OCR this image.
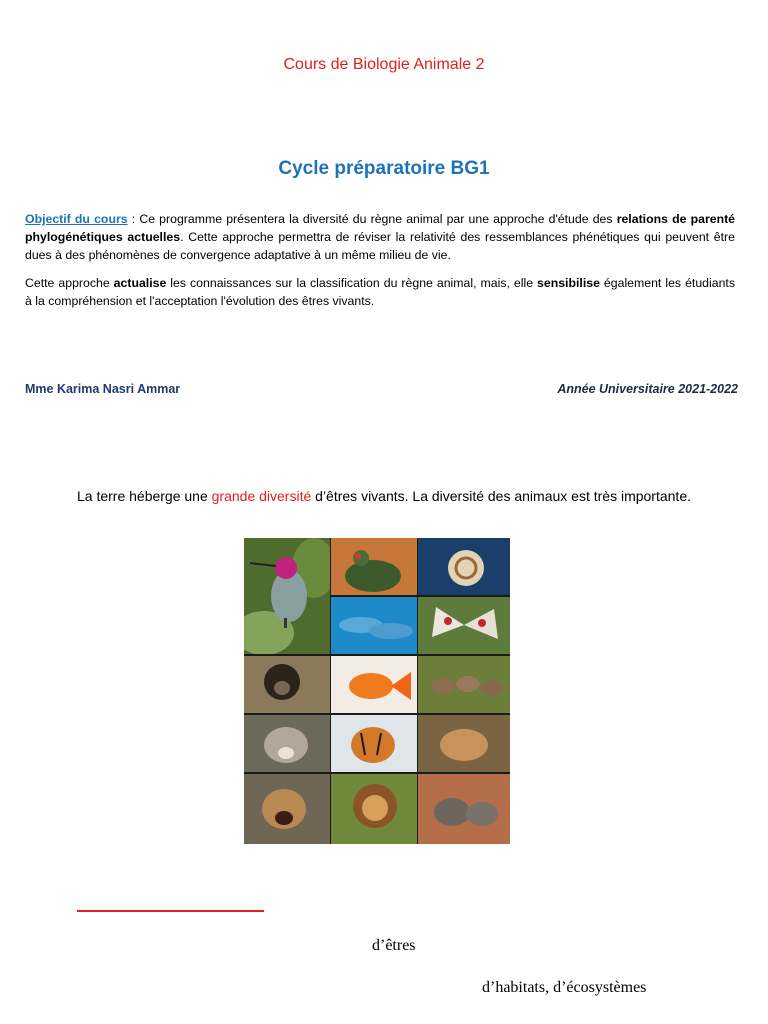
Cours de Biologie Animale 2
Cycle préparatoire BG1
Objectif du cours : Ce programme présentera la diversité du règne animal par une approche d'étude des relations de parenté phylogénétiques actuelles. Cette approche permettra de réviser la relativité des ressemblances phénétiques qui peuvent être dues à des phénomènes de convergence adaptative à un même milieu de vie.
Cette approche actualise les connaissances sur la classification du règne animal, mais, elle sensibilise également les étudiants à la compréhension et l'acceptation l'évolution des êtres vivants.
Mme Karima Nasri Ammar	Année Universitaire 2021-2022
La terre héberge une grande diversité d’êtres vivants. La diversité des animaux est très importante.
d’êtres
d’habitats, d’écosystèmes
